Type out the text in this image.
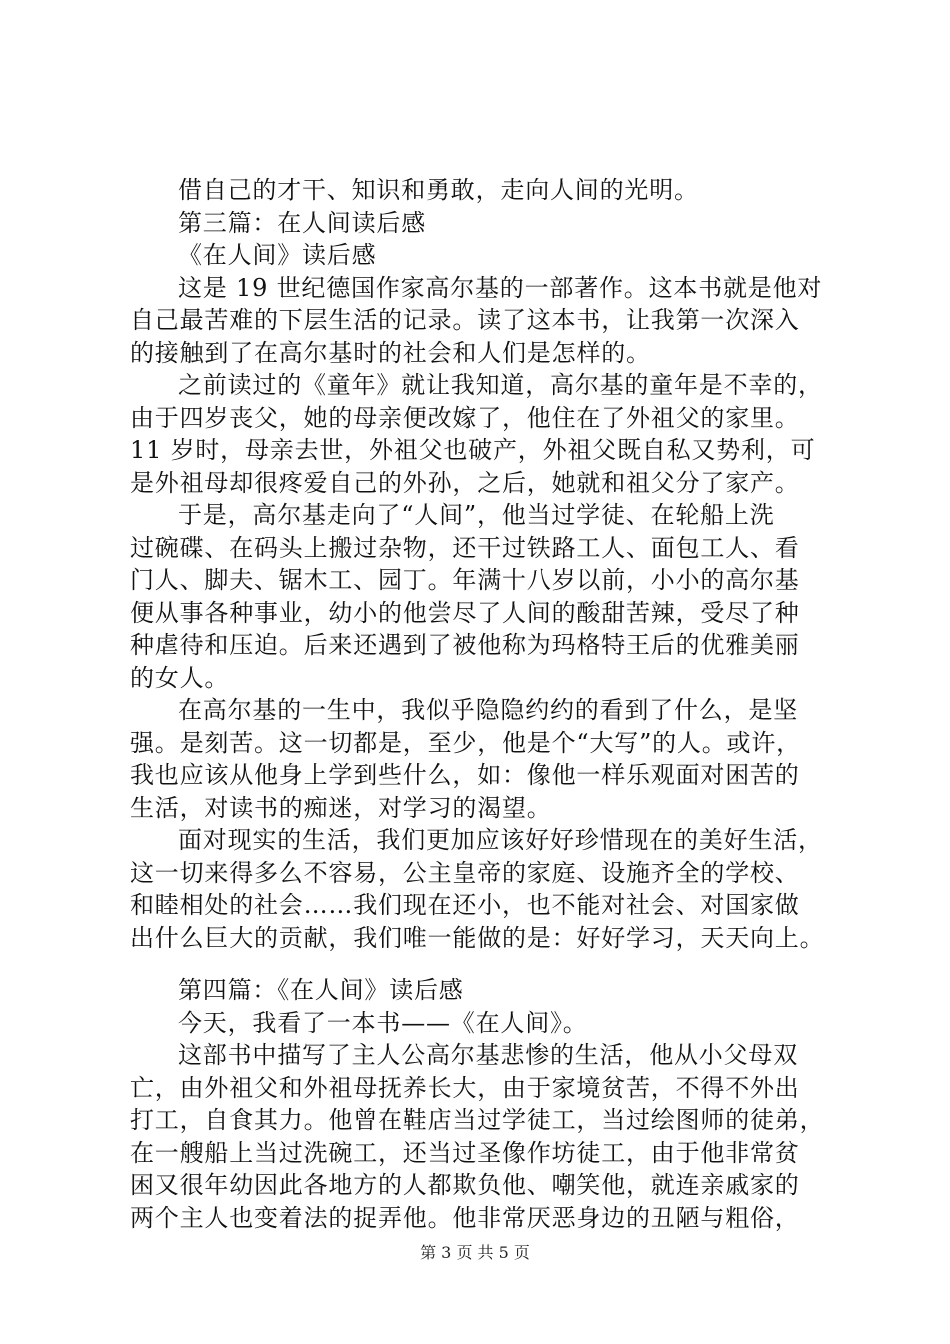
借自己的才干、知识和勇敢，走向人间的光明。
第三篇：在人间读后感
《在人间》读后感
这是 19 世纪德国作家高尔基的一部著作。这本书就是他对
自己最苦难的下层生活的记录。读了这本书，让我第一次深入
的接触到了在高尔基时的社会和人们是怎样的。
之前读过的《童年》就让我知道，高尔基的童年是不幸的，
由于四岁丧父，她的母亲便改嫁了，他住在了外祖父的家里。
11 岁时，母亲去世，外祖父也破产，外祖父既自私又势利，可
是外祖母却很疼爱自己的外孙，之后，她就和祖父分了家产。
于是，高尔基走向了“人间”，他当过学徒、在轮船上洗
过碗碟、在码头上搬过杂物，还干过铁路工人、面包工人、看
门人、脚夫、锯木工、园丁。年满十八岁以前，小小的高尔基
便从事各种事业，幼小的他尝尽了人间的酸甜苦辣，受尽了种
种虐待和压迫。后来还遇到了被他称为玛格特王后的优雅美丽
的女人。
在高尔基的一生中，我似乎隐隐约约的看到了什么，是坚
强。是刻苦。这一切都是，至少，他是个“大写”的人。或许，
我也应该从他身上学到些什么，如：像他一样乐观面对困苦的
生活，对读书的痴迷，对学习的渴望。
面对现实的生活，我们更加应该好好珍惜现在的美好生活，
这一切来得多么不容易，公主皇帝的家庭、设施齐全的学校、
和睦相处的社会……我们现在还小，也不能对社会、对国家做
出什么巨大的贡献，我们唯一能做的是：好好学习，天天向上。
第四篇：《在人间》读后感
今天，我看了一本书——《在人间》。
这部书中描写了主人公高尔基悲惨的生活，他从小父母双
亡，由外祖父和外祖母抚养长大，由于家境贫苦，不得不外出
打工，自食其力。他曾在鞋店当过学徒工，当过绘图师的徒弟，
在一艘船上当过洗碗工，还当过圣像作坊徒工，由于他非常贫
困又很年幼因此各地方的人都欺负他、嘲笑他，就连亲戚家的
两个主人也变着法的捉弄他。他非常厌恶身边的丑陋与粗俗，
第 3 页 共 5 页
